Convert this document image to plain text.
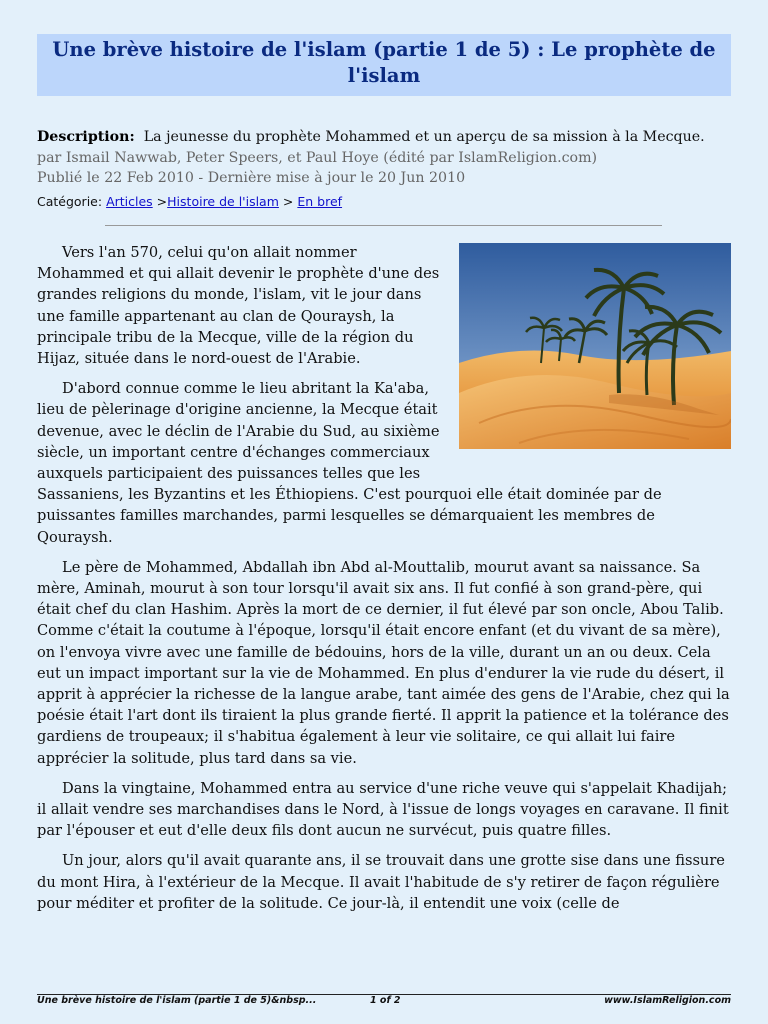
Une brève histoire de l'islam (partie 1 de 5) : Le prophète de l'islam
Description: La jeunesse du prophète Mohammed et un aperçu de sa mission à la Mecque.
par Ismail Nawwab, Peter Speers, et Paul Hoye (édité par IslamReligion.com)
Publié le 22 Feb 2010 - Dernière mise à jour le 20 Jun 2010
Catégorie: Articles >Histoire de l'islam > En bref

Vers l'an 570, celui qu'on allait nommer Mohammed et qui allait devenir le prophète d'une des grandes religions du monde, l'islam, vit le jour dans une famille appartenant au clan de Qouraysh, la principale tribu de la Mecque, ville de la région du Hijaz, située dans le nord-ouest de l'Arabie.

D'abord connue comme le lieu abritant la Ka'aba, lieu de pèlerinage d'origine ancienne, la Mecque était devenue, avec le déclin de l'Arabie du Sud, au sixième siècle, un important centre d'échanges commerciaux auxquels participaient des puissances telles que les Sassaniens, les Byzantins et les Éthiopiens. C'est pourquoi elle était dominée par de puissantes familles marchandes, parmi lesquelles se démarquaient les membres de Qouraysh.

Le père de Mohammed, Abdallah ibn Abd al-Mouttalib, mourut avant sa naissance. Sa mère, Aminah, mourut à son tour lorsqu'il avait six ans. Il fut confié à son grand-père, qui était chef du clan Hashim. Après la mort de ce dernier, il fut élevé par son oncle, Abou Talib. Comme c'était la coutume à l'époque, lorsqu'il était encore enfant (et du vivant de sa mère), on l'envoya vivre avec une famille de bédouins, hors de la ville, durant un an ou deux. Cela eut un impact important sur la vie de Mohammed. En plus d'endurer la vie rude du désert, il apprit à apprécier la richesse de la langue arabe, tant aimée des gens de l'Arabie, chez qui la poésie était l'art dont ils tiraient la plus grande fierté. Il apprit la patience et la tolérance des gardiens de troupeaux; il s'habitua également à leur vie solitaire, ce qui allait lui faire apprécier la solitude, plus tard dans sa vie.

Dans la vingtaine, Mohammed entra au service d'une riche veuve qui s'appelait Khadijah; il allait vendre ses marchandises dans le Nord, à l'issue de longs voyages en caravane. Il finit par l'épouser et eut d'elle deux fils dont aucun ne survécut, puis quatre filles.

Un jour, alors qu'il avait quarante ans, il se trouvait dans une grotte sise dans une fissure du mont Hira, à l'extérieur de la Mecque. Il avait l'habitude de s'y retirer de façon régulière pour méditer et profiter de la solitude. Ce jour-là, il entendit une voix (celle de

Une brève histoire de l'islam (partie 1 de 5)&nbsp...	1 of 2	www.IslamReligion.com
